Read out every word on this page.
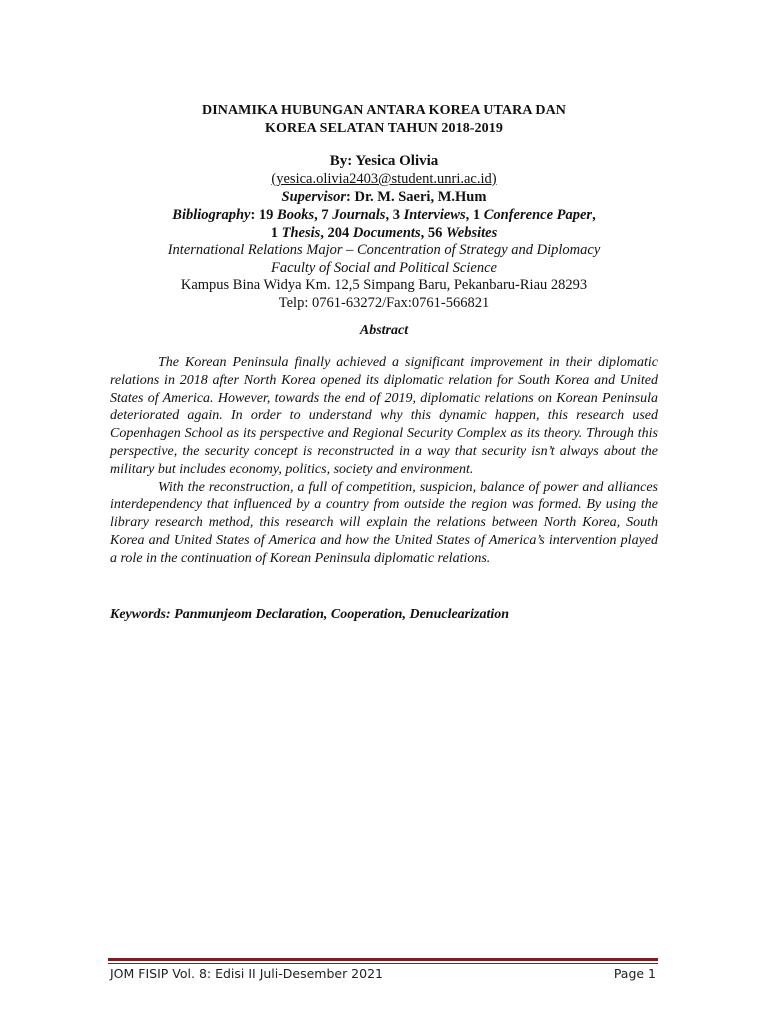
DINAMIKA HUBUNGAN ANTARA KOREA UTARA DAN
KOREA SELATAN TAHUN 2018-2019
By: Yesica Olivia
(yesica.olivia2403@student.unri.ac.id)
Supervisor: Dr. M. Saeri, M.Hum
Bibliography: 19 Books, 7 Journals, 3 Interviews, 1 Conference Paper,
1 Thesis, 204 Documents, 56 Websites
International Relations Major – Concentration of Strategy and Diplomacy
Faculty of Social and Political Science
Kampus Bina Widya Km. 12,5 Simpang Baru, Pekanbaru-Riau 28293
Telp: 0761-63272/Fax:0761-566821
Abstract

The Korean Peninsula finally achieved a significant improvement in their diplomatic relations in 2018 after North Korea opened its diplomatic relation for South Korea and United States of America. However, towards the end of 2019, diplomatic relations on Korean Peninsula deteriorated again. In order to understand why this dynamic happen, this research used Copenhagen School as its perspective and Regional Security Complex as its theory. Through this perspective, the security concept is reconstructed in a way that security isn’t always about the military but includes economy, politics, society and environment.

With the reconstruction, a full of competition, suspicion, balance of power and alliances interdependency that influenced by a country from outside the region was formed. By using the library research method, this research will explain the relations between North Korea, South Korea and United States of America and how the United States of America’s intervention played a role in the continuation of Korean Peninsula diplomatic relations.

Keywords: Panmunjeom Declaration, Cooperation, Denuclearization
JOM FISIP Vol. 8: Edisi II Juli-Desember 2021	Page 1
